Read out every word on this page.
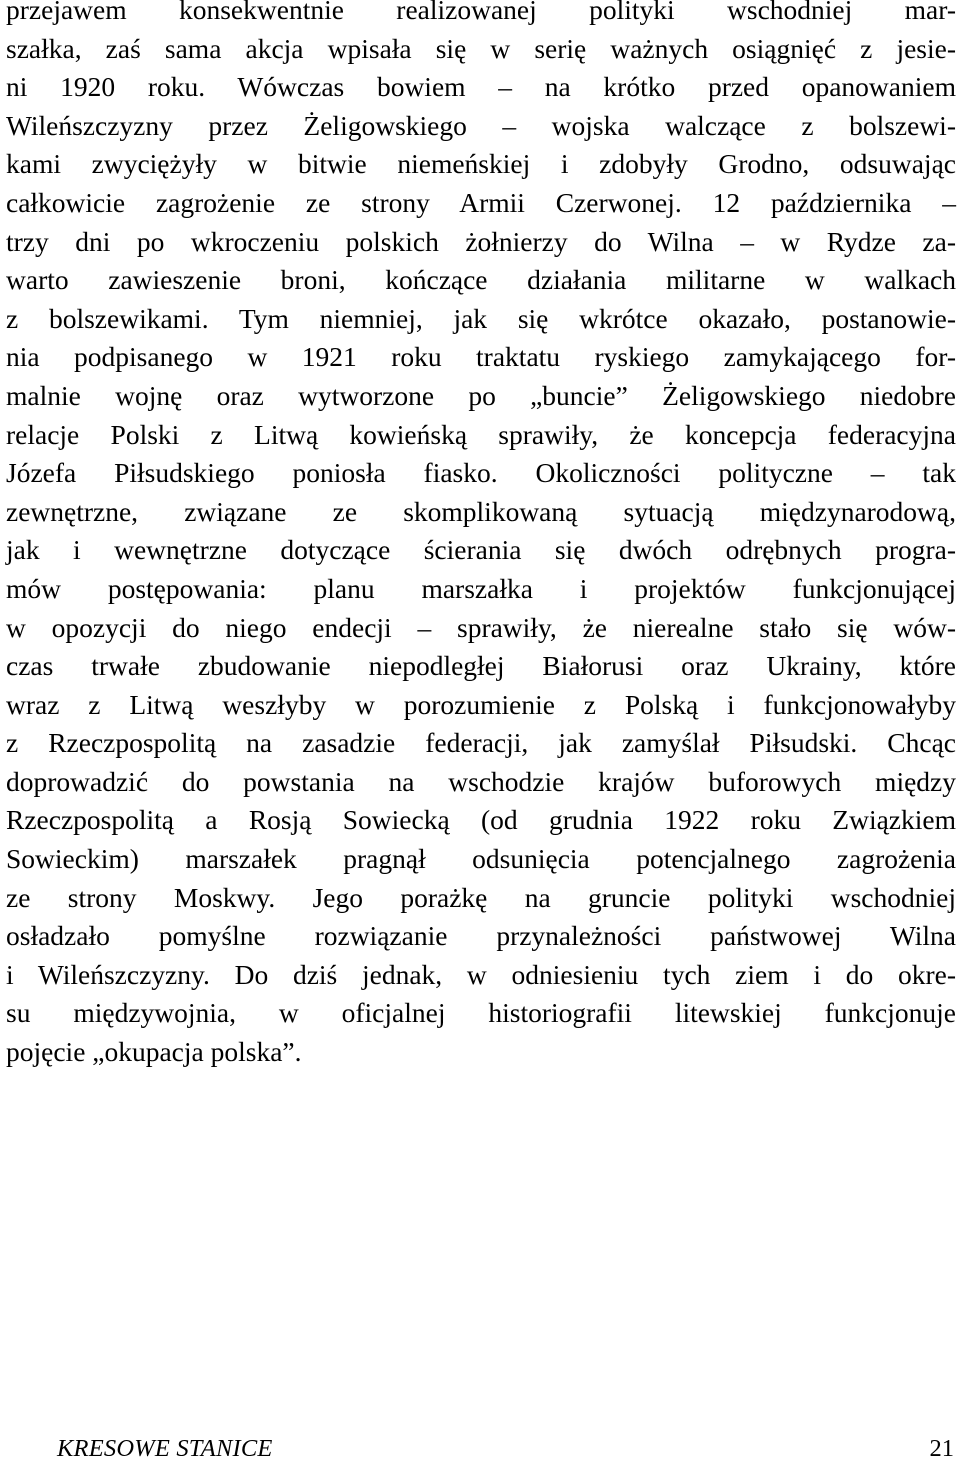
przejawem konsekwentnie realizowanej polityki wschodniej mar-
szałka, zaś sama akcja wpisała się w serię ważnych osiągnięć z jesie-
ni 1920 roku. Wówczas bowiem – na krótko przed opanowaniem
Wileńszczyzny przez Żeligowskiego – wojska walczące z bolszewi-
kami zwyciężyły w bitwie niemeńskiej i zdobyły Grodno, odsuwając
całkowicie zagrożenie ze strony Armii Czerwonej. 12 października –
trzy dni po wkroczeniu polskich żołnierzy do Wilna – w Rydze za-
warto zawieszenie broni, kończące działania militarne w walkach
z bolszewikami. Tym niemniej, jak się wkrótce okazało, postanowie-
nia podpisanego w 1921 roku traktatu ryskiego zamykającego for-
malnie wojnę oraz wytworzone po „buncie” Żeligowskiego niedobre
relacje Polski z Litwą kowieńską sprawiły, że koncepcja federacyjna
Józefa Piłsudskiego poniosła fiasko. Okoliczności polityczne – tak
zewnętrzne, związane ze skomplikowaną sytuacją międzynarodową,
jak i wewnętrzne dotyczące ścierania się dwóch odrębnych progra-
mów postępowania: planu marszałka i projektów funkcjonującej
w opozycji do niego endecji – sprawiły, że nierealne stało się wów-
czas trwałe zbudowanie niepodległej Białorusi oraz Ukrainy, które
wraz z Litwą weszłyby w porozumienie z Polską i funkcjonowałyby
z Rzeczpospolitą na zasadzie federacji, jak zamyślał Piłsudski. Chcąc
doprowadzić do powstania na wschodzie krajów buforowych między
Rzeczpospolitą a Rosją Sowiecką (od grudnia 1922 roku Związkiem
Sowieckim) marszałek pragnął odsunięcia potencjalnego zagrożenia
ze strony Moskwy. Jego porażkę na gruncie polityki wschodniej
osładzało pomyślne rozwiązanie przynależności państwowej Wilna
i Wileńszczyzny. Do dziś jednak, w odniesieniu tych ziem i do okre-
su międzywojnia, w oficjalnej historiografii litewskiej funkcjonuje
pojęcie „okupacja polska”.
KRESOWE STANICE	21
